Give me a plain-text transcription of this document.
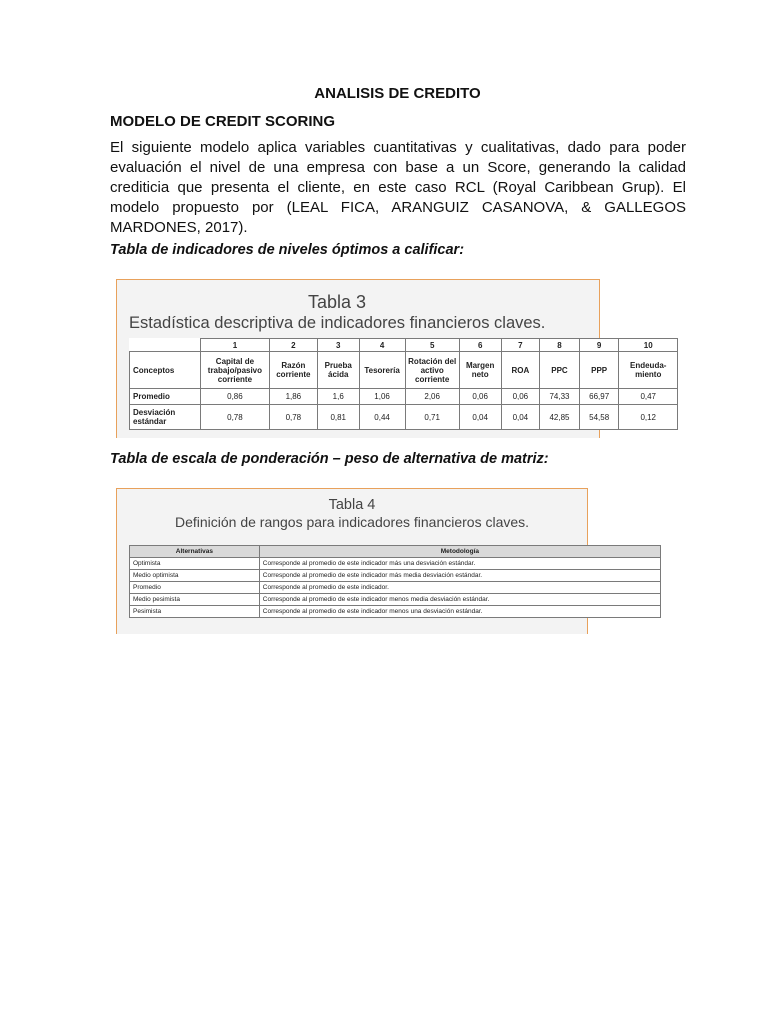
ANALISIS DE CREDITO
MODELO DE CREDIT SCORING
El siguiente modelo aplica variables cuantitativas y cualitativas, dado para poder evaluación el nivel de una empresa con base a un Score, generando la calidad crediticia que presenta el cliente, en este caso RCL (Royal Caribbean Grup). El modelo propuesto por (LEAL FICA, ARANGUIZ CASANOVA, & GALLEGOS MARDONES, 2017).
Tabla de indicadores de niveles óptimos a calificar:
Tabla 3
Estadística descriptiva de indicadores financieros claves.
	1	2	3	4	5	6	7	8	9	10
Conceptos	Capital de trabajo/pasivo corriente	Razón corriente	Prueba ácida	Tesorería	Rotación del activo corriente	Margen neto	ROA	PPC	PPP	Endeuda-miento
Promedio	0,86	1,86	1,6	1,06	2,06	0,06	0,06	74,33	66,97	0,47
Desviación estándar	0,78	0,78	0,81	0,44	0,71	0,04	0,04	42,85	54,58	0,12
Tabla de escala de ponderación – peso de alternativa de matriz:
Tabla 4
Definición de rangos para indicadores financieros claves.
Alternativas	Metodología
Optimista	Corresponde al promedio de este indicador más una desviación estándar.
Medio optimista	Corresponde al promedio de este indicador más media desviación estándar.
Promedio	Corresponde al promedio de este indicador.
Medio pesimista	Corresponde al promedio de este indicador menos media desviación estándar.
Pesimista	Corresponde al promedio de este indicador menos una desviación estándar.
